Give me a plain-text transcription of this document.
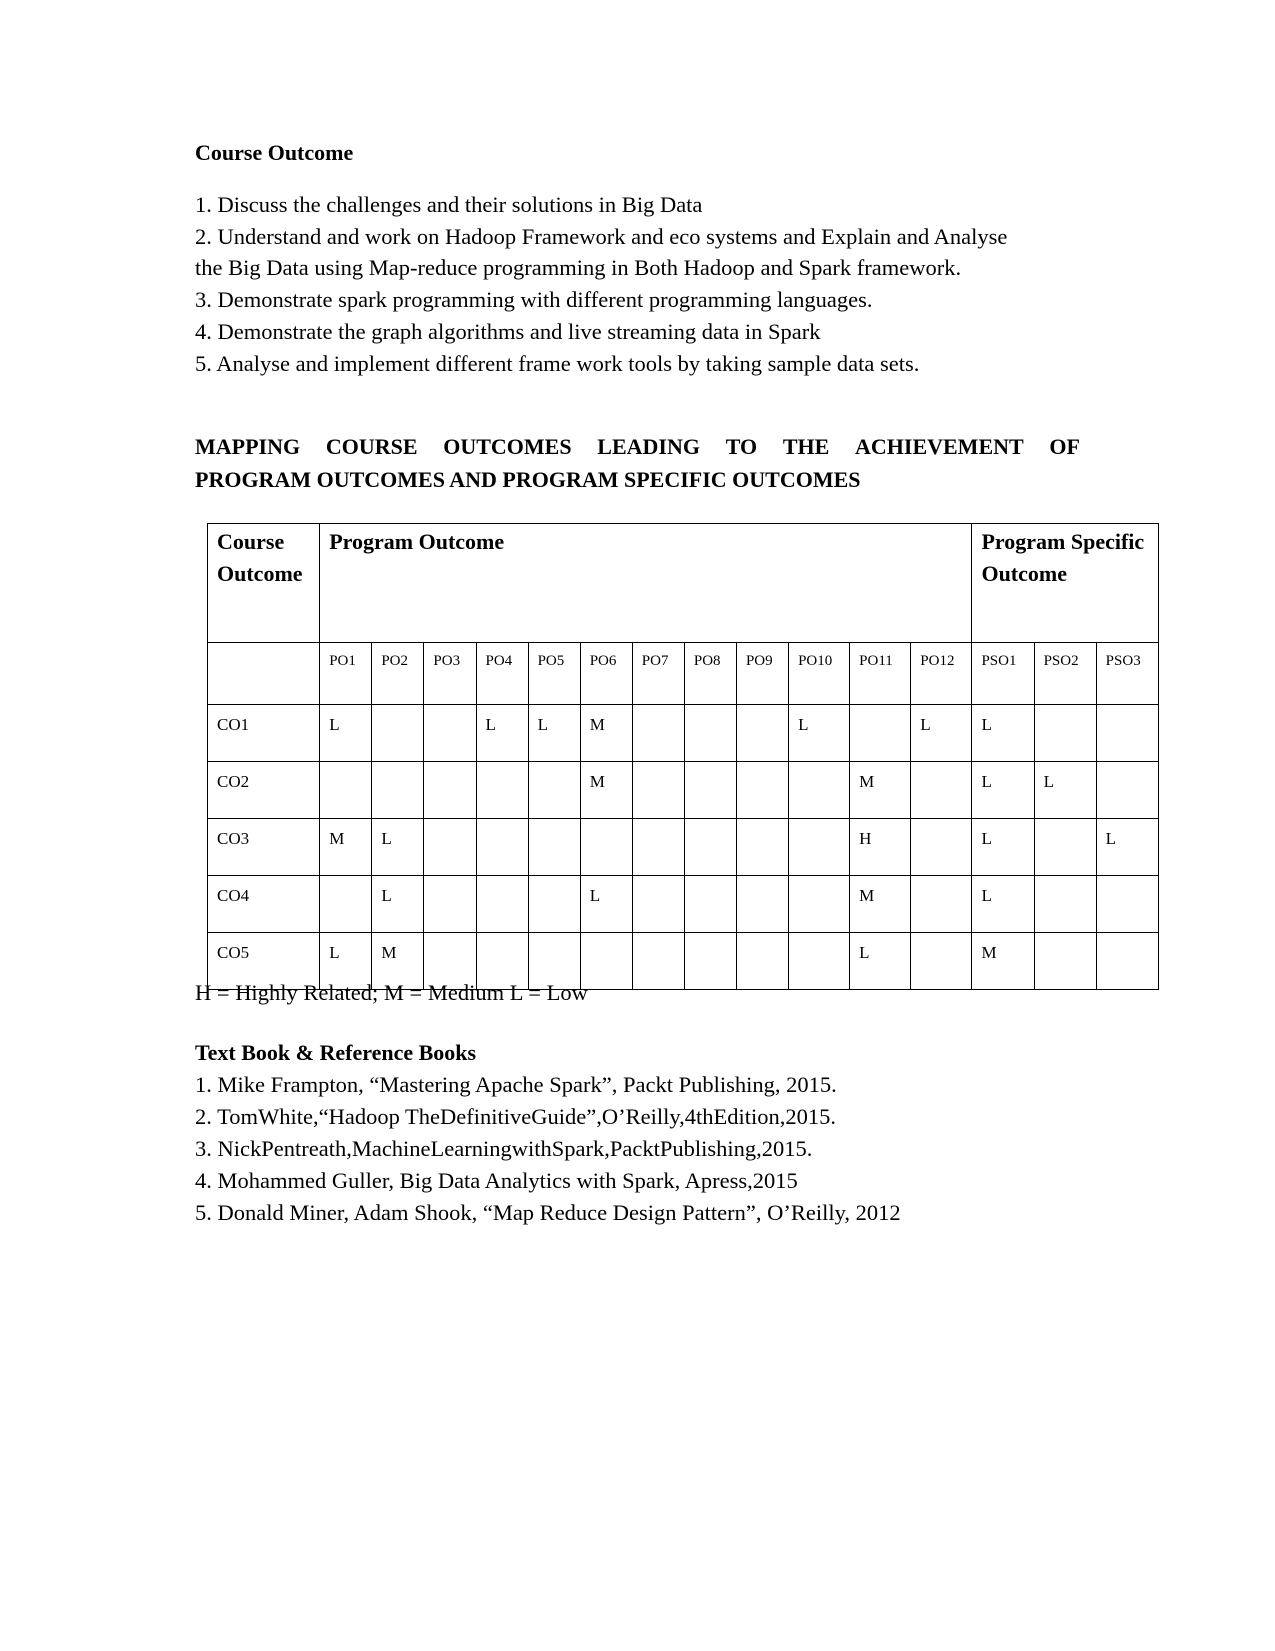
Course Outcome

1. Discuss the challenges and their solutions in Big Data

2. Understand and work on Hadoop Framework and eco systems and Explain and Analyse

the Big Data using Map-reduce programming in Both Hadoop and Spark framework.

3. Demonstrate spark programming with different programming languages.

4. Demonstrate the graph algorithms and live streaming data in Spark

5. Analyse and implement different frame work tools by taking sample data sets.

MAPPING COURSE OUTCOMES LEADING TO THE ACHIEVEMENT OF
PROGRAM OUTCOMES AND PROGRAM SPECIFIC OUTCOMES
Course Outcome	Program Outcome												Program Specific Outcome		
	PO1	PO2	PO3	PO4	PO5	PO6	PO7	PO8	PO9	PO10	PO11	PO12	PSO1	PSO2	PSO3
CO1	L			L	L	M				L		L	L		
CO2						M					M		L	L	
CO3	M	L									H		L		L
CO4		L				L					M		L		
CO5	L	M									L		M		

H = Highly Related; M = Medium L = Low

Text Book & Reference Books

1. Mike Frampton, “Mastering Apache Spark”, Packt Publishing, 2015.

2. TomWhite,“Hadoop TheDefinitiveGuide”,O’Reilly,4thEdition,2015.

3. NickPentreath,MachineLearningwithSpark,PacktPublishing,2015.

4. Mohammed Guller, Big Data Analytics with Spark, Apress,2015

5. Donald Miner, Adam Shook, “Map Reduce Design Pattern”, O’Reilly, 2012
